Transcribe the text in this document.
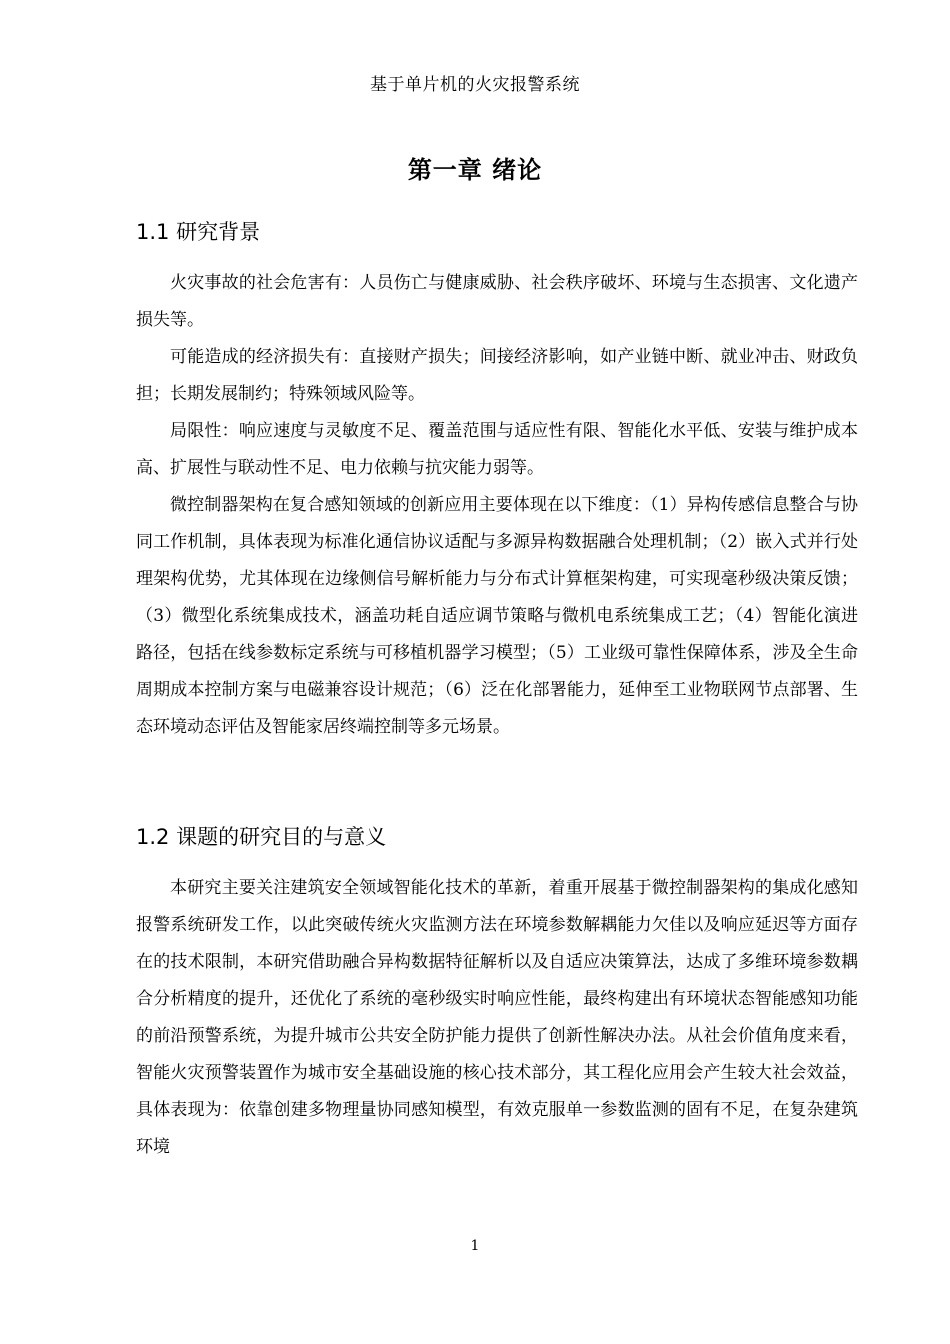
基于单片机的火灾报警系统
第一章 绪论
1.1 研究背景

火灾事故的社会危害有：人员伤亡与健康威胁、社会秩序破坏、环境与生态损害、文化遗产损失等。

可能造成的经济损失有：直接财产损失；间接经济影响，如产业链中断、就业冲击、财政负担；长期发展制约；特殊领域风险等。

局限性：响应速度与灵敏度不足、覆盖范围与适应性有限、智能化水平低、安装与维护成本高、扩展性与联动性不足、电力依赖与抗灾能力弱等。

微控制器架构在复合感知领域的创新应用主要体现在以下维度：（1）异构传感信息整合与协同工作机制，具体表现为标准化通信协议适配与多源异构数据融合处理机制；（2）嵌入式并行处理架构优势，尤其体现在边缘侧信号解析能力与分布式计算框架构建，可实现毫秒级决策反馈；（3）微型化系统集成技术，涵盖功耗自适应调节策略与微机电系统集成工艺；（4）智能化演进路径，包括在线参数标定系统与可移植机器学习模型；（5）工业级可靠性保障体系，涉及全生命周期成本控制方案与电磁兼容设计规范；（6）泛在化部署能力，延伸至工业物联网节点部署、生态环境动态评估及智能家居终端控制等多元场景。

1.2 课题的研究目的与意义

本研究主要关注建筑安全领域智能化技术的革新，着重开展基于微控制器架构的集成化感知报警系统研发工作，以此突破传统火灾监测方法在环境参数解耦能力欠佳以及响应延迟等方面存在的技术限制，本研究借助融合异构数据特征解析以及自适应决策算法，达成了多维环境参数耦合分析精度的提升，还优化了系统的毫秒级实时响应性能，最终构建出有环境状态智能感知功能的前沿预警系统，为提升城市公共安全防护能力提供了创新性解决办法。从社会价值角度来看，智能火灾预警装置作为城市安全基础设施的核心技术部分，其工程化应用会产生较大社会效益，具体表现为：依靠创建多物理量协同感知模型，有效克服单一参数监测的固有不足，在复杂建筑环境

1
